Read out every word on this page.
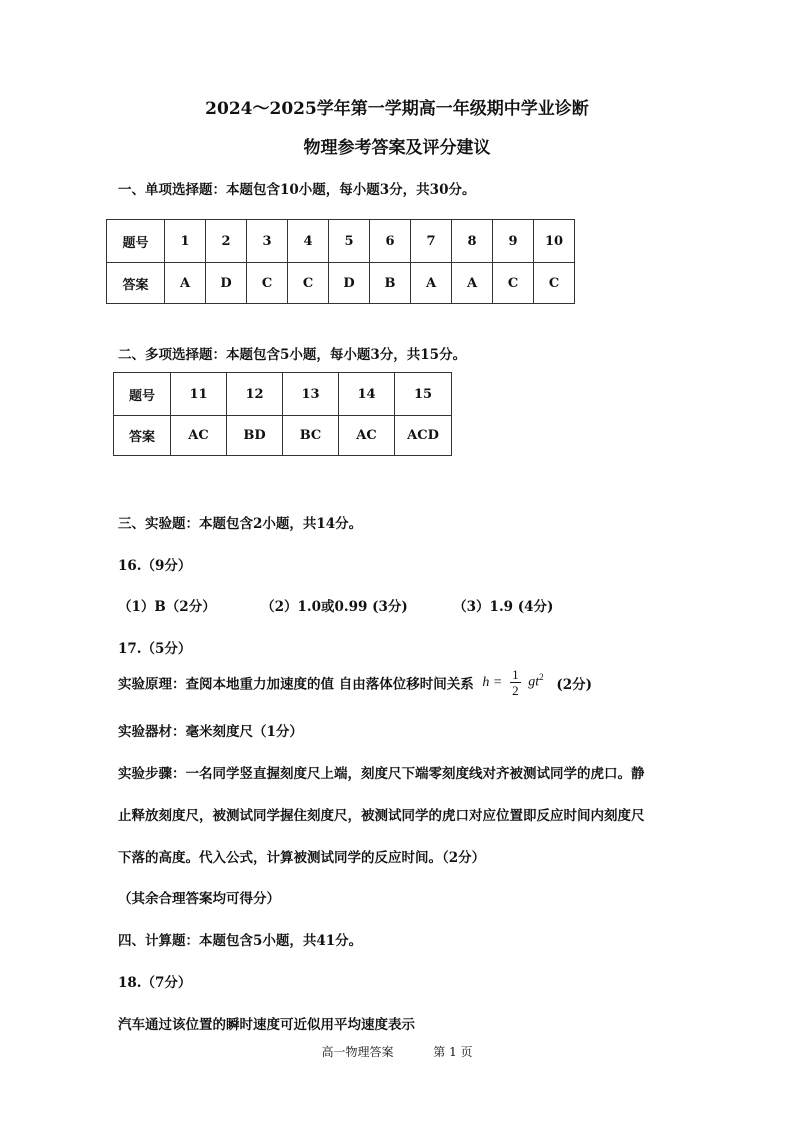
2024～2025学年第一学期高一年级期中学业诊断
物理参考答案及评分建议
一、单项选择题：本题包含10小题，每小题3分，共30分。
题号	1	2	3	4	5	6	7	8	9	10
答案	A	D	C	C	D	B	A	A	C	C
二、多项选择题：本题包含5小题，每小题3分，共15分。
题号	11	12	13	14	15
答案	AC	BD	BC	AC	ACD
三、实验题：本题包含2小题，共14分。
16.（9分）
（1）B（2分）	（2）1.0或0.99 (3分)	（3）1.9 (4分)
17.（5分）
实验原理：查阅本地重力加速度的值 自由落体位移时间关系 $h = \frac{1}{2} gt^2$ (2分)
实验器材：毫米刻度尺（1分）
实验步骤：一名同学竖直握刻度尺上端，刻度尺下端零刻度线对齐被测试同学的虎口。静
止释放刻度尺，被测试同学握住刻度尺，被测试同学的虎口对应位置即反应时间内刻度尺
下落的高度。代入公式，计算被测试同学的反应时间。（2分）
（其余合理答案均可得分）
四、计算题：本题包含5小题，共41分。
18.（7分）
汽车通过该位置的瞬时速度可近似用平均速度表示
高一物理答案	第 1 页
